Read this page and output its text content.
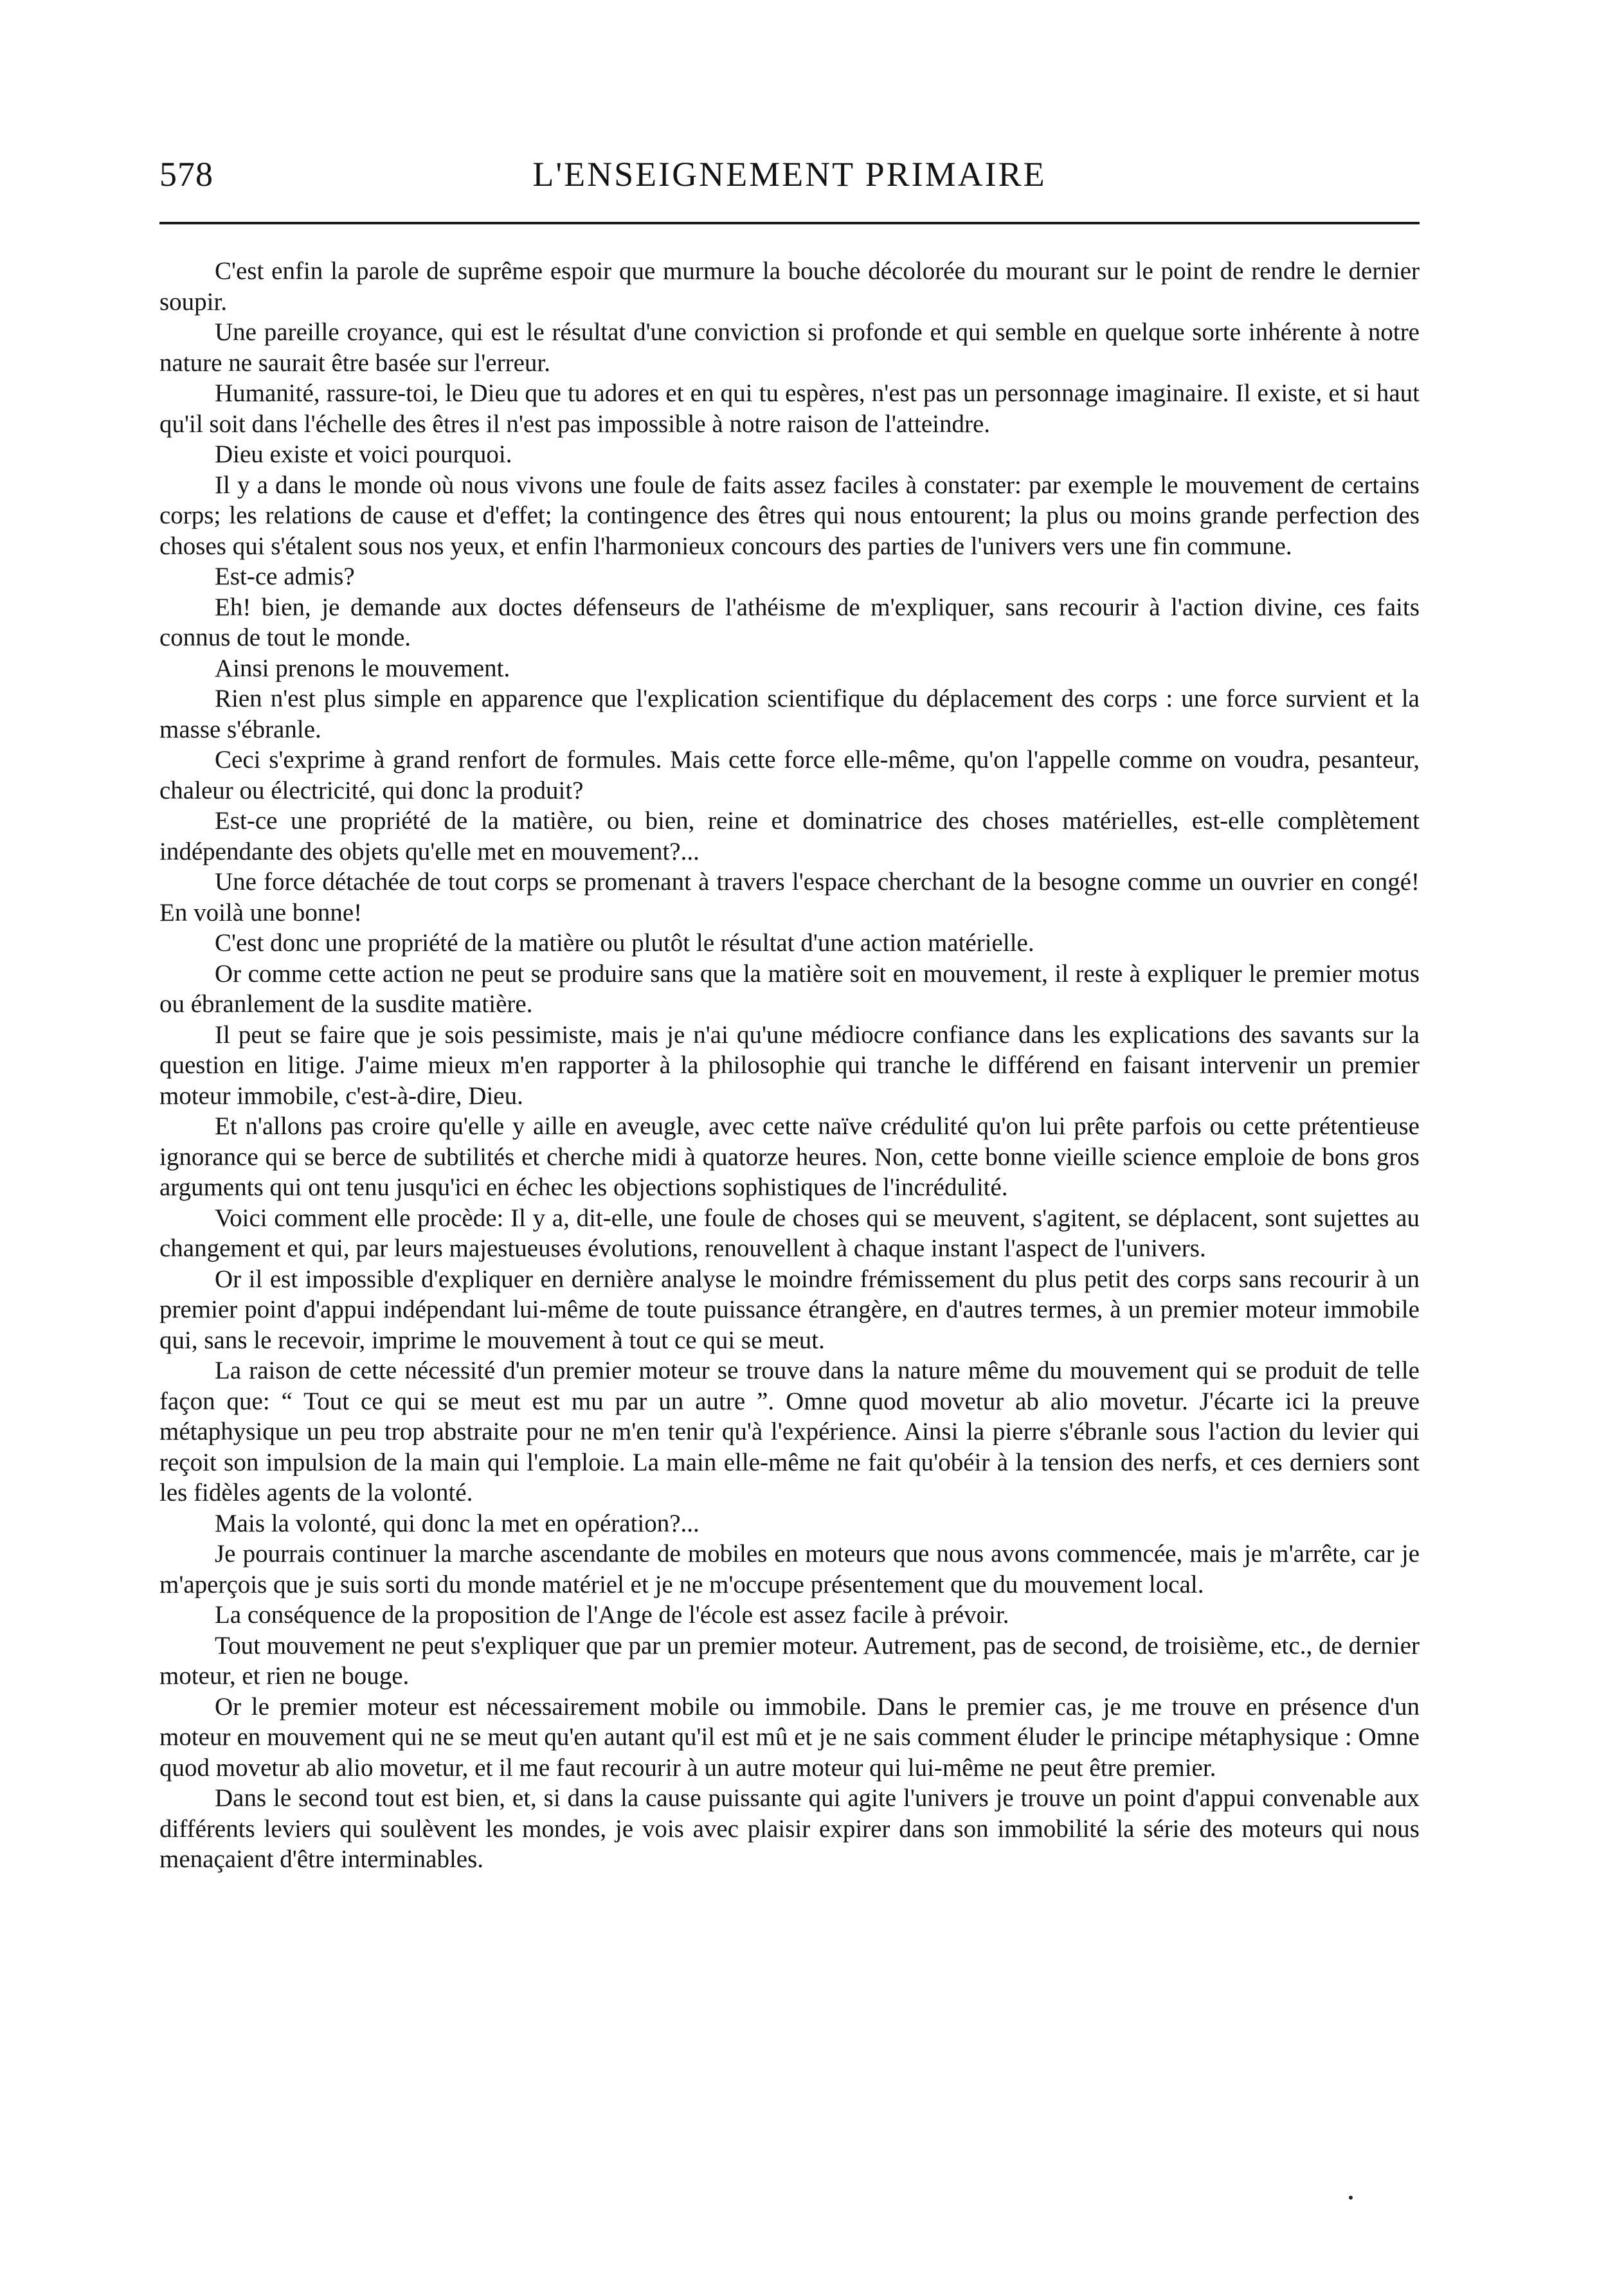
578	L'ENSEIGNEMENT PRIMAIRE

C'est enfin la parole de suprême espoir que murmure la bouche décolorée du mourant sur le point de rendre le dernier soupir.

Une pareille croyance, qui est le résultat d'une conviction si profonde et qui semble en quelque sorte inhérente à notre nature ne saurait être basée sur l'erreur.

Humanité, rassure-toi, le Dieu que tu adores et en qui tu espères, n'est pas un personnage imaginaire. Il existe, et si haut qu'il soit dans l'échelle des êtres il n'est pas impossible à notre raison de l'atteindre.

Dieu existe et voici pourquoi.

Il y a dans le monde où nous vivons une foule de faits assez faciles à constater: par exemple le mouvement de certains corps; les relations de cause et d'effet; la contingence des êtres qui nous entourent; la plus ou moins grande perfection des choses qui s'étalent sous nos yeux, et enfin l'harmonieux concours des parties de l'univers vers une fin commune.

Est-ce admis?

Eh! bien, je demande aux doctes défenseurs de l'athéisme de m'expliquer, sans recourir à l'action divine, ces faits connus de tout le monde.

Ainsi prenons le mouvement.

Rien n'est plus simple en apparence que l'explication scientifique du déplacement des corps : une force survient et la masse s'ébranle.

Ceci s'exprime à grand renfort de formules. Mais cette force elle-même, qu'on l'appelle comme on voudra, pesanteur, chaleur ou électricité, qui donc la produit?

Est-ce une propriété de la matière, ou bien, reine et dominatrice des choses matérielles, est-elle complètement indépendante des objets qu'elle met en mouvement?...

Une force détachée de tout corps se promenant à travers l'espace cherchant de la besogne comme un ouvrier en congé! En voilà une bonne!

C'est donc une propriété de la matière ou plutôt le résultat d'une action matérielle.

Or comme cette action ne peut se produire sans que la matière soit en mouvement, il reste à expliquer le premier motus ou ébranlement de la susdite matière.

Il peut se faire que je sois pessimiste, mais je n'ai qu'une médiocre confiance dans les explications des savants sur la question en litige. J'aime mieux m'en rapporter à la philosophie qui tranche le différend en faisant intervenir un premier moteur immobile, c'est-à-dire, Dieu.

Et n'allons pas croire qu'elle y aille en aveugle, avec cette naïve crédulité qu'on lui prête parfois ou cette prétentieuse ignorance qui se berce de subtilités et cherche midi à quatorze heures. Non, cette bonne vieille science emploie de bons gros arguments qui ont tenu jusqu'ici en échec les objections sophistiques de l'incrédulité.

Voici comment elle procède: Il y a, dit-elle, une foule de choses qui se meuvent, s'agitent, se déplacent, sont sujettes au changement et qui, par leurs majestueuses évolutions, renouvellent à chaque instant l'aspect de l'univers.

Or il est impossible d'expliquer en dernière analyse le moindre frémissement du plus petit des corps sans recourir à un premier point d'appui indépendant lui-même de toute puissance étrangère, en d'autres termes, à un premier moteur immobile qui, sans le recevoir, imprime le mouvement à tout ce qui se meut.

La raison de cette nécessité d'un premier moteur se trouve dans la nature même du mouvement qui se produit de telle façon que: “ Tout ce qui se meut est mu par un autre ”. Omne quod movetur ab alio movetur. J'écarte ici la preuve métaphysique un peu trop abstraite pour ne m'en tenir qu'à l'expérience. Ainsi la pierre s'ébranle sous l'action du levier qui reçoit son impulsion de la main qui l'emploie. La main elle-même ne fait qu'obéir à la tension des nerfs, et ces derniers sont les fidèles agents de la volonté.

Mais la volonté, qui donc la met en opération?...

Je pourrais continuer la marche ascendante de mobiles en moteurs que nous avons commencée, mais je m'arrête, car je m'aperçois que je suis sorti du monde matériel et je ne m'occupe présentement que du mouvement local.

La conséquence de la proposition de l'Ange de l'école est assez facile à prévoir.

Tout mouvement ne peut s'expliquer que par un premier moteur. Autrement, pas de second, de troisième, etc., de dernier moteur, et rien ne bouge.

Or le premier moteur est nécessairement mobile ou immobile. Dans le premier cas, je me trouve en présence d'un moteur en mouvement qui ne se meut qu'en autant qu'il est mû et je ne sais comment éluder le principe métaphysique : Omne quod movetur ab alio movetur, et il me faut recourir à un autre moteur qui lui-même ne peut être premier.

Dans le second tout est bien, et, si dans la cause puissante qui agite l'univers je trouve un point d'appui convenable aux différents leviers qui soulèvent les mondes, je vois avec plaisir expirer dans son immobilité la série des moteurs qui nous menaçaient d'être interminables.
